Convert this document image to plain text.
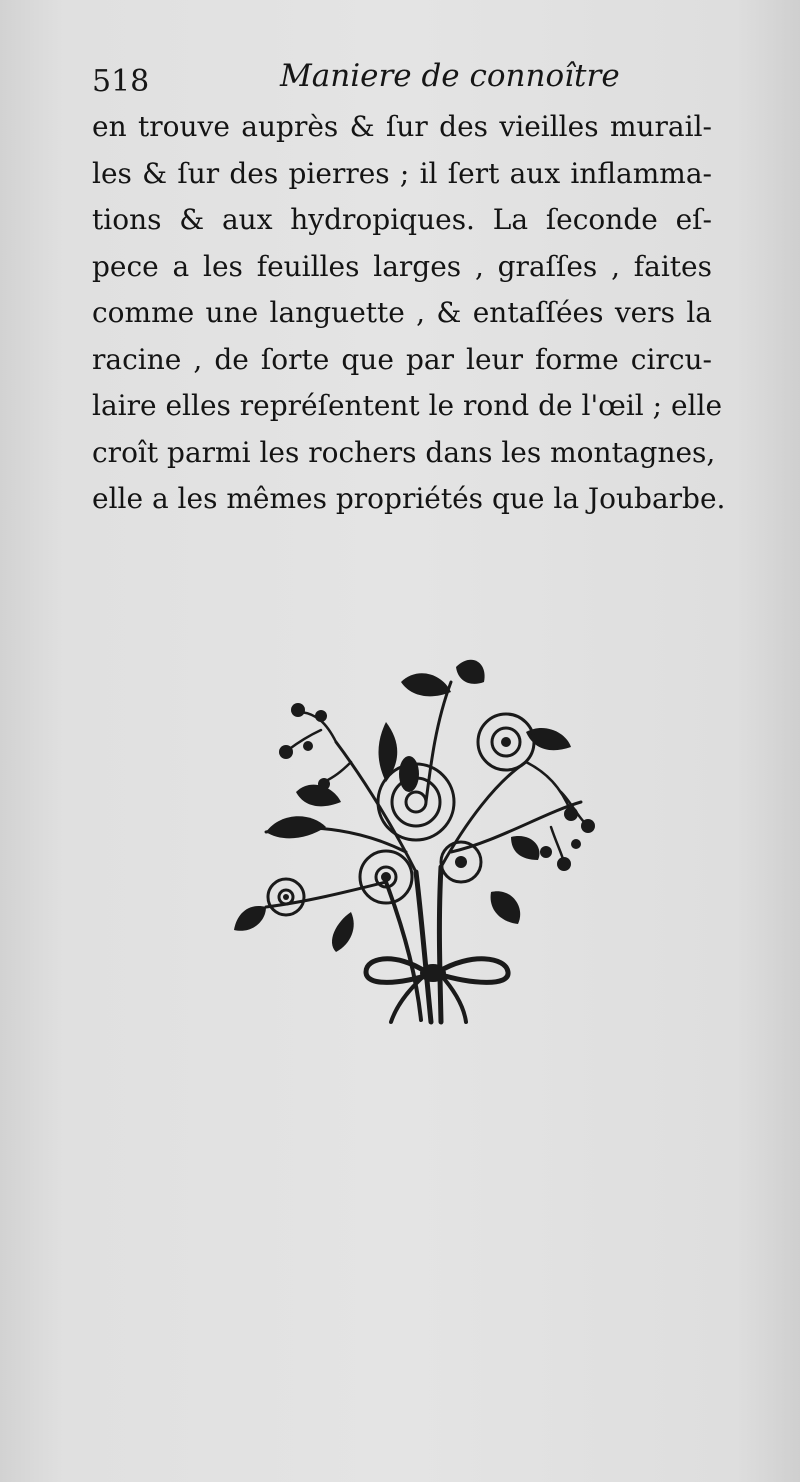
518	Maniere de connoître
en trouve auprès & ſur des vieilles murail-
les & ſur des pierres ; il ſert aux inflamma-
tions & aux hydropiques. La ſeconde eſ-
pece a les feuilles larges , graſſes , faites
comme une languette , & entaſſées vers la
racine , de ſorte que par leur forme circu-
laire elles repréſentent le rond de l'œil ; elle
croît parmi les rochers dans les montagnes,
elle a les mêmes propriétés que la Joubarbe.
